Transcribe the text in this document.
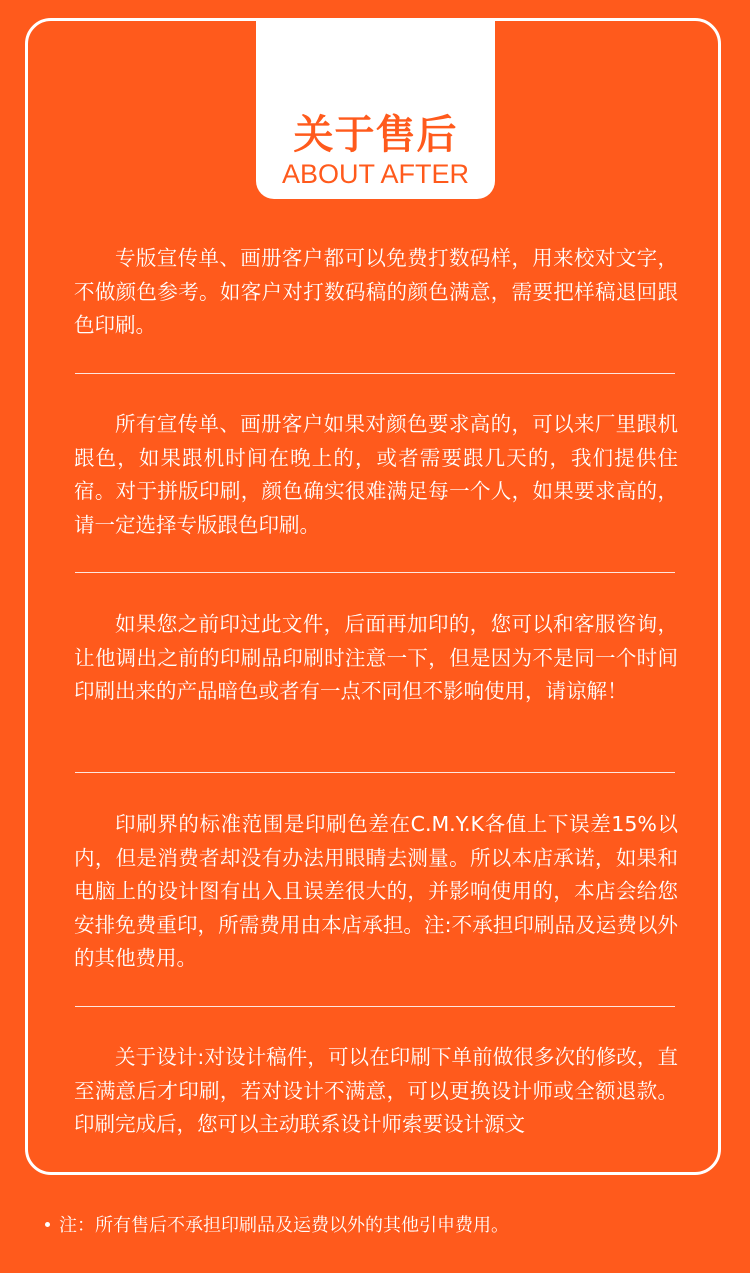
关于售后
ABOUT AFTER

专版宣传单、画册客户都可以免费打数码样，用来校对文字，不做颜色参考。如客户对打数码稿的颜色满意，需要把样稿退回跟色印刷。

所有宣传单、画册客户如果对颜色要求高的，可以来厂里跟机跟色，如果跟机时间在晚上的，或者需要跟几天的，我们提供住宿。对于拼版印刷，颜色确实很难满足每一个人，如果要求高的，请一定选择专版跟色印刷。

如果您之前印过此文件，后面再加印的，您可以和客服咨询，让他调出之前的印刷品印刷时注意一下，但是因为不是同一个时间印刷出来的产品暗色或者有一点不同但不影响使用，请谅解！

印刷界的标准范围是印刷色差在C.M.Y.K各值上下误差15%以内，但是消费者却没有办法用眼睛去测量。所以本店承诺，如果和电脑上的设计图有出入且误差很大的，并影响使用的，本店会给您安排免费重印，所需费用由本店承担。注:不承担印刷品及运费以外的其他费用。

关于设计:对设计稿件，可以在印刷下单前做很多次的修改，直至满意后才印刷，若对设计不满意，可以更换设计师或全额退款。印刷完成后，您可以主动联系设计师索要设计源文

注：所有售后不承担印刷品及运费以外的其他引申费用。
